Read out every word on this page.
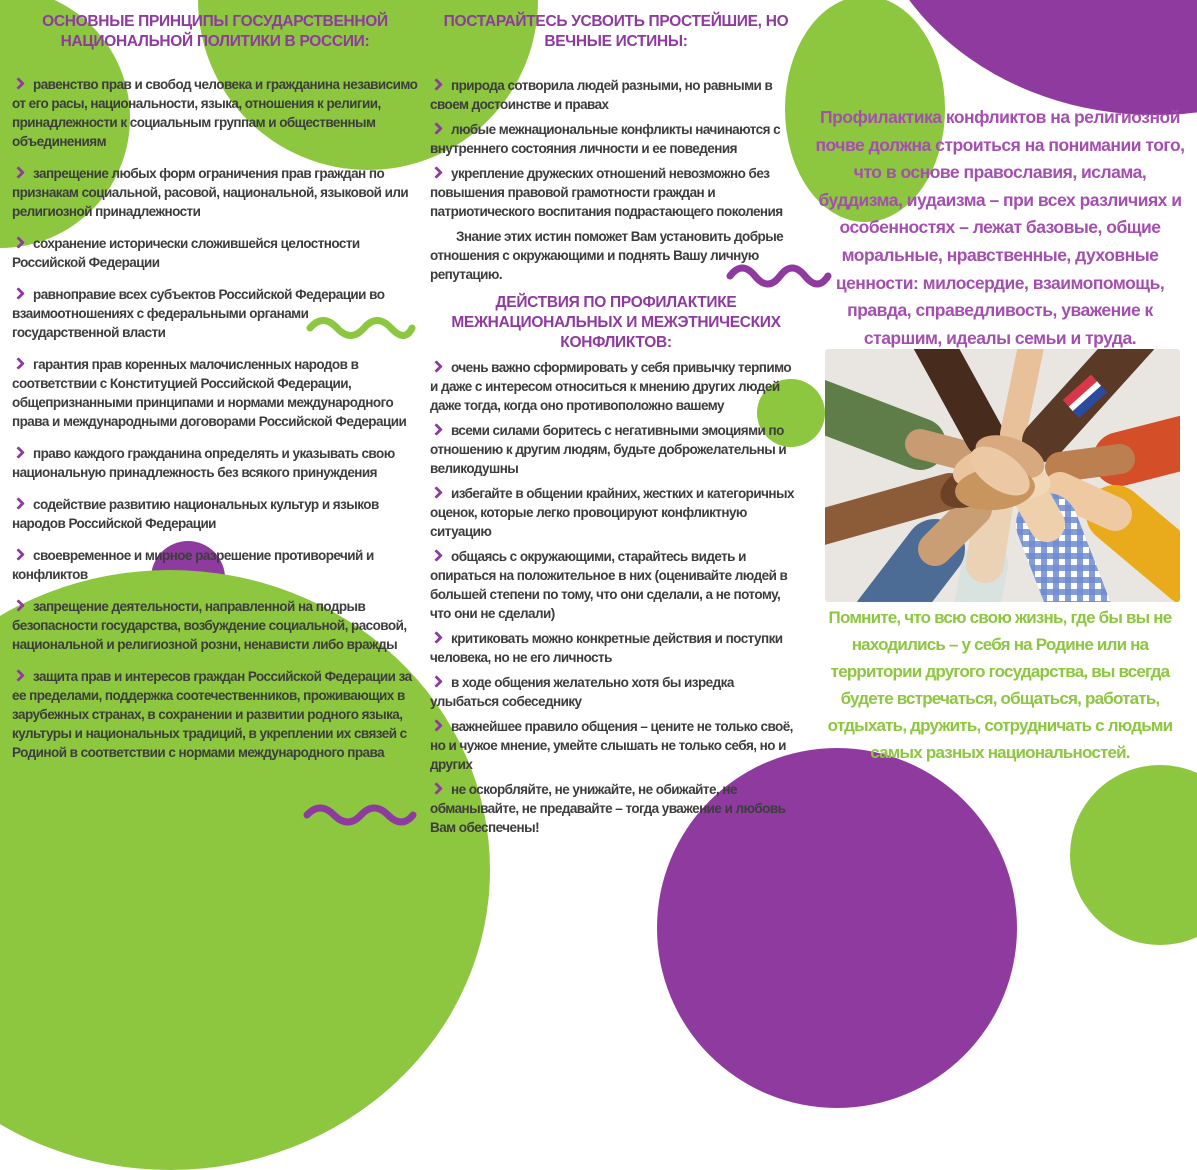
ОСНОВНЫЕ ПРИНЦИПЫ ГОСУДАРСТВЕННОЙ НАЦИОНАЛЬНОЙ ПОЛИТИКИ В РОССИИ:

равенство прав и свобод человека и гражданина независимо от его расы, национальности, языка, отношения к религии, принадлежности к социальным группам и общественным объединениям

запрещение любых форм ограничения прав граждан по признакам социальной, расовой, национальной, языковой или религиозной принадлежности

сохранение исторически сложившейся целостности Российской Федерации

равноправие всех субъектов Российской Федерации во взаимоотношениях с федеральными органами государственной власти

гарантия прав коренных малочисленных народов в соответствии с Конституцией Российской Федерации, общепризнанными принципами и нормами международного права и международными договорами Российской Федерации

право каждого гражданина определять и указывать свою национальную принадлежность без всякого принуждения

содействие развитию национальных культур и языков народов Российской Федерации

своевременное и мирное разрешение противоречий и конфликтов

запрещение деятельности, направленной на подрыв безопасности государства, возбуждение социальной, расовой, национальной и религиозной розни, ненависти либо вражды

защита прав и интересов граждан Российской Федерации за ее пределами, поддержка соотечественников, проживающих в зарубежных странах, в сохранении и развитии родного языка, культуры и национальных традиций, в укреплении их связей с Родиной в соответствии с нормами международного права

ПОСТАРАЙТЕСЬ УСВОИТЬ ПРОСТЕЙШИЕ, НО ВЕЧНЫЕ ИСТИНЫ:

природа сотворила людей разными, но равными в своем достоинстве и правах

любые межнациональные конфликты начинаются с внутреннего состояния личности и ее поведения

укрепление дружеских отношений невозможно без повышения правовой грамотности граждан и патриотического воспитания подрастающего поколения

Знание этих истин поможет Вам установить добрые отношения с окружающими и поднять Вашу личную репутацию.

ДЕЙСТВИЯ ПО ПРОФИЛАКТИКЕ МЕЖНАЦИОНАЛЬНЫХ И МЕЖЭТНИЧЕСКИХ КОНФЛИКТОВ:

очень важно сформировать у себя привычку терпимо и даже с интересом относиться к мнению других людей даже тогда, когда оно противоположно вашему

всеми силами боритесь с негативными эмоциями по отношению к другим людям, будьте доброжелательны и великодушны

избегайте в общении крайних, жестких и категоричных оценок, которые легко провоцируют конфликтную ситуацию

общаясь с окружающими, старайтесь видеть и опираться на положительное в них (оценивайте людей в большей степени по тому, что они сделали, а не потому, что они не сделали)

критиковать можно конкретные действия и поступки человека, но не его личность

в ходе общения желательно хотя бы изредка улыбаться собеседнику

важнейшее правило общения – цените не только своё, но и чужое мнение, умейте слышать не только себя, но и других

не оскорбляйте, не унижайте, не обижайте, не обманывайте, не предавайте – тогда уважение и любовь Вам обеспечены!

Профилактика конфликтов на религиозной почве должна строиться на понимании того, что в основе православия, ислама, буддизма, иудаизма – при всех различиях и особенностях – лежат базовые, общие моральные, нравственные, духовные ценности: милосердие, взаимопомощь, правда, справедливость, уважение к старшим, идеалы семьи и труда.

Помните, что всю свою жизнь, где бы вы не находились – у себя на Родине или на территории другого государства, вы всегда будете встречаться, общаться, работать, отдыхать, дружить, сотрудничать с людьми самых разных национальностей.
